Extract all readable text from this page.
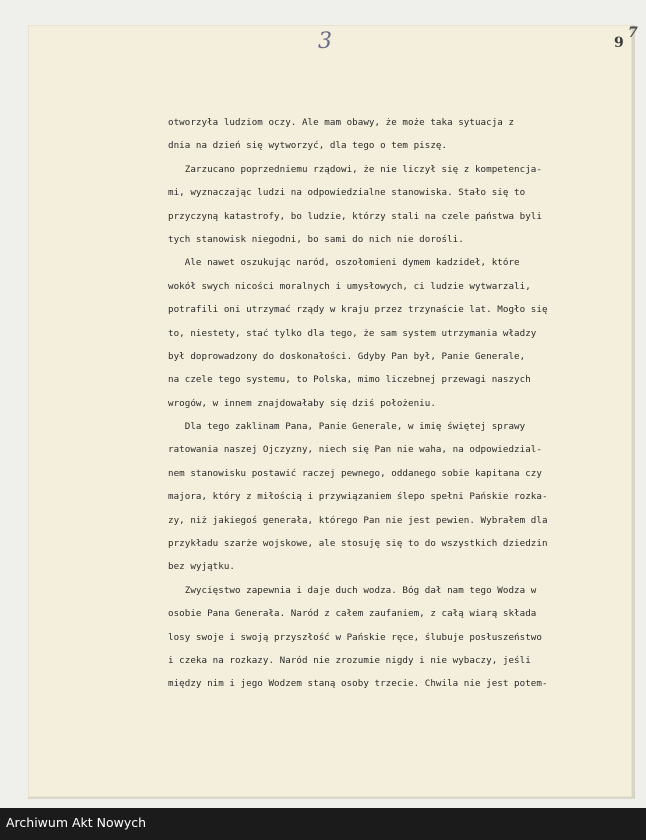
3	9
7
otworzyła ludziom oczy. Ale mam obawy, że może taka sytuacja z
dnia na dzień się wytworzyć, dla tego o tem piszę.
Zarzucano poprzedniemu rządowi, że nie liczył się z kompetencja-
mi, wyznaczając ludzi na odpowiedzialne stanowiska. Stało się to
przyczyną katastrofy, bo ludzie, którzy stali na czele państwa byli
tych stanowisk niegodni, bo sami do nich nie dorośli.
Ale nawet oszukując naród, oszołomieni dymem kadzideł, które
wokół swych nicości moralnych i umysłowych, ci ludzie wytwarzali,
potrafili oni utrzymać rządy w kraju przez trzynaście lat. Mogło się
to, niestety, stać tylko dla tego, że sam system utrzymania władzy
był doprowadzony do doskonałości. Gdyby Pan był, Panie Generale,
na czele tego systemu, to Polska, mimo liczebnej przewagi naszych
wrogów, w innem znajdowałaby się dziś położeniu.
Dla tego zaklinam Pana, Panie Generale, w imię świętej sprawy
ratowania naszej Ojczyzny, niech się Pan nie waha, na odpowiedzial-
nem stanowisku postawić raczej pewnego, oddanego sobie kapitana czy
majora, który z miłością i przywiązaniem ślepo spełni Pańskie rozka-
zy, niż jakiegoś generała, którego Pan nie jest pewien. Wybrałem dla
przykładu szarże wojskowe, ale stosuję się to do wszystkich dziedzin
bez wyjątku.
Zwycięstwo zapewnia i daje duch wodza. Bóg dał nam tego Wodza w
osobie Pana Generała. Naród z całem zaufaniem, z całą wiarą składa
losy swoje i swoją przyszłość w Pańskie ręce, ślubuje posłuszeństwo
i czeka na rozkazy. Naród nie zrozumie nigdy i nie wybaczy, jeśli
między nim i jego Wodzem staną osoby trzecie. Chwila nie jest potem-
Archiwum Akt Nowych
